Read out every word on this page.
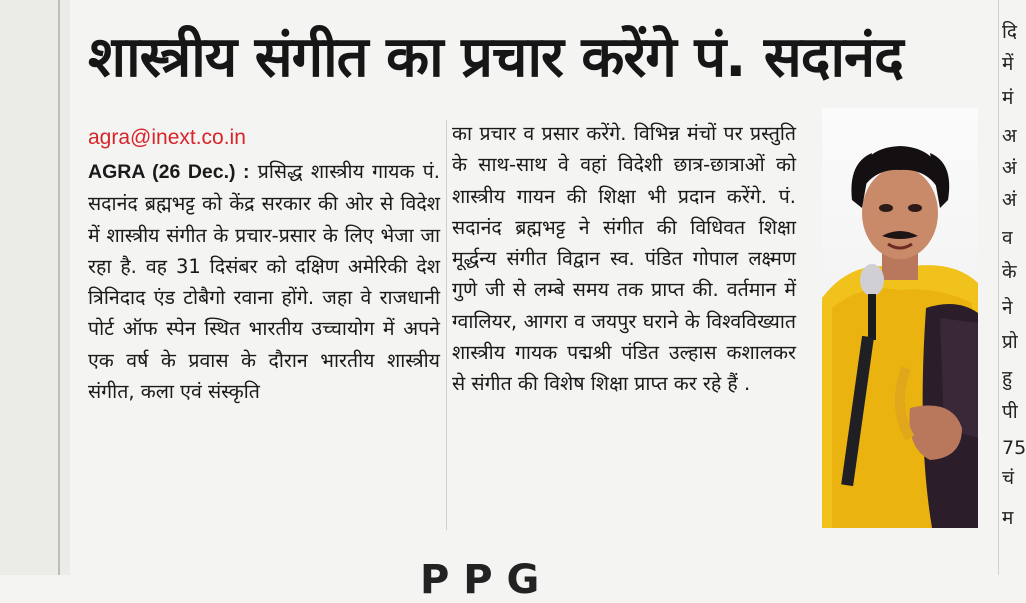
शास्त्रीय संगीत का प्रचार करेंगे पं. सदानंद

agra@inext.co.in

AGRA (26 Dec.) : प्रसिद्ध शास्त्रीय गायक पं. सदानंद ब्रह्मभट्ट को केंद्र सरकार की ओर से विदेश में शास्त्रीय संगीत के प्रचार-प्रसार के लिए भेजा जा रहा है. वह 31 दिसंबर को दक्षिण अमेरिकी देश त्रिनिदाद एंड टोबैगो रवाना होंगे. जहा वे राजधानी पोर्ट ऑफ स्पेन स्थित भारतीय उच्चायोग में अपने एक वर्ष के प्रवास के दौरान भारतीय शास्त्रीय संगीत, कला एवं संस्कृति

का प्रचार व प्रसार करेंगे. विभिन्न मंचों पर प्रस्तुति के साथ-साथ वे वहां विदेशी छात्र-छात्राओं को शास्त्रीय गायन की शिक्षा भी प्रदान करेंगे. पं. सदानंद ब्रह्मभट्ट ने संगीत की विधिवत शिक्षा मूर्द्धन्य संगीत विद्वान स्व. पंडित गोपाल लक्ष्मण गुणे जी से लम्बे समय तक प्राप्त की. वर्तमान में ग्वालियर, आगरा व जयपुर घराने के विश्वविख्यात शास्त्रीय गायक पद्मश्री पंडित उल्हास कशालकर से संगीत की विशेष शिक्षा प्राप्त कर रहे हैं .

दि
में
मं
अ
अं
अं
व
के
ने
प्रो
हु
पी
75
चं
म
P P G
